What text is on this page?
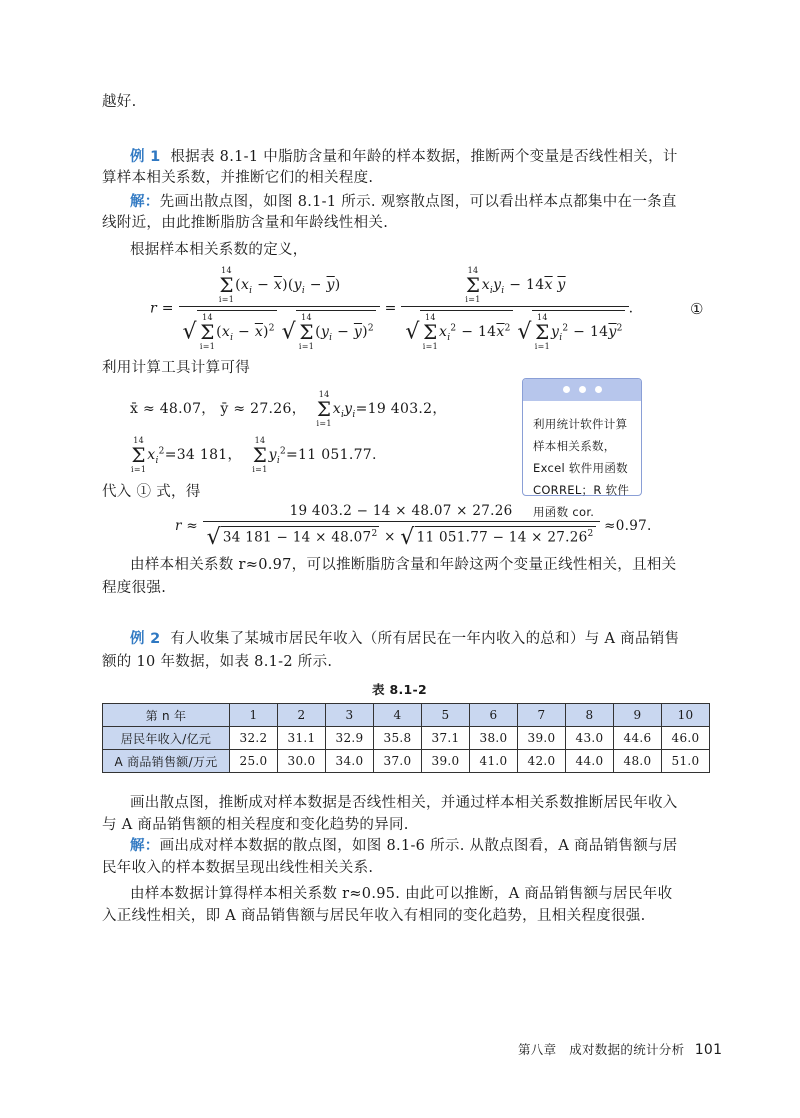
越好.
例 1 根据表 8.1-1 中脂肪含量和年龄的样本数据，推断两个变量是否线性相关，计
算样本相关系数，并推断它们的相关程度.
解：先画出散点图，如图 8.1-1 所示. 观察散点图，可以看出样本点都集中在一条直
线附近，由此推断脂肪含量和年龄线性相关.
根据样本相关系数的定义，
r = 14
Σ
i=1
$(x_i - \overline{x})(y_i - \overline{y})$
√
14
Σ
i=1
$(x_i - \overline{x})^2$ √
14
Σ
i=1
$(y_i - \overline{y})^2 = 14$
Σ
i=1
$x_iy_i - 14\overline{x}$ $\overline{y}$
√
14
Σ
i=1
$x_i^2 - 14\overline{x}^2$ √
14
Σ
i=1
$y_i^2 - 14\overline{y}^2$ .	①
利用计算工具计算可得
x̄ ≈ 48.07， ȳ ≈ 27.26，
14
Σ
i=1
$x_iy_i=19$ 403.2，
14
Σ
i=1
$x_i^2=34$ 181，
14
Σ
i=1
$y_i^2=11$ 051.77.
利用统计软件计算样本相关系数，Excel 软件用函数 CORREL；R 软件用函数 cor.
代入 ① 式，得
$r \approx \frac{19 403.2 - 14 \times 48.07 \times 27.26}{√ 34 181 - 14 \times 48.07^2 \times √ 11 051.77 - 14 \times 27.26^2} \approx 0.97$.
由样本相关系数 r≈0.97，可以推断脂肪含量和年龄这两个变量正线性相关，且相关
程度很强.
例 2 有人收集了某城市居民年收入（所有居民在一年内收入的总和）与 A 商品销售
额的 10 年数据，如表 8.1-2 所示.
表 8.1-2
第 n 年	1	2	3	4	5	6	7	8	9	10
居民年收入/亿元	32.2	31.1	32.9	35.8	37.1	38.0	39.0	43.0	44.6	46.0
A 商品销售额/万元	25.0	30.0	34.0	37.0	39.0	41.0	42.0	44.0	48.0	51.0
画出散点图，推断成对样本数据是否线性相关，并通过样本相关系数推断居民年收入
与 A 商品销售额的相关程度和变化趋势的异同.
解：画出成对样本数据的散点图，如图 8.1-6 所示. 从散点图看，A 商品销售额与居
民年收入的样本数据呈现出线性相关关系.
由样本数据计算得样本相关系数 r≈0.95. 由此可以推断，A 商品销售额与居民年收
入正线性相关，即 A 商品销售额与居民年收入有相同的变化趋势，且相关程度很强.
第八章　成对数据的统计分析 101
